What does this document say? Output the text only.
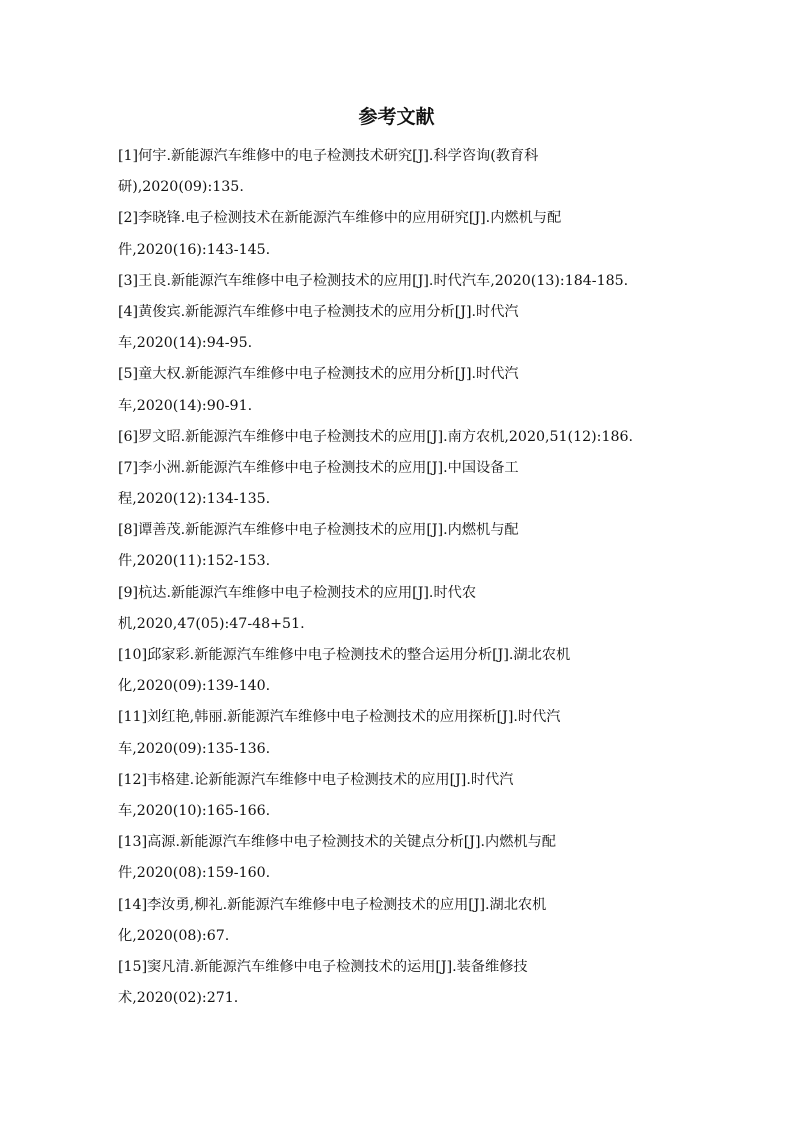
参考文献
[1]何宇.新能源汽车维修中的电子检测技术研究[J].科学咨询(教育科
研),2020(09):135.
[2]李晓锋.电子检测技术在新能源汽车维修中的应用研究[J].内燃机与配
件,2020(16):143-145.
[3]王良.新能源汽车维修中电子检测技术的应用[J].时代汽车,2020(13):184-185.
[4]黄俊宾.新能源汽车维修中电子检测技术的应用分析[J].时代汽
车,2020(14):94-95.
[5]童大权.新能源汽车维修中电子检测技术的应用分析[J].时代汽
车,2020(14):90-91.
[6]罗文昭.新能源汽车维修中电子检测技术的应用[J].南方农机,2020,51(12):186.
[7]李小洲.新能源汽车维修中电子检测技术的应用[J].中国设备工
程,2020(12):134-135.
[8]谭善茂.新能源汽车维修中电子检测技术的应用[J].内燃机与配
件,2020(11):152-153.
[9]杭达.新能源汽车维修中电子检测技术的应用[J].时代农
机,2020,47(05):47-48+51.
[10]邱家彩.新能源汽车维修中电子检测技术的整合运用分析[J].湖北农机
化,2020(09):139-140.
[11]刘红艳,韩丽.新能源汽车维修中电子检测技术的应用探析[J].时代汽
车,2020(09):135-136.
[12]韦格建.论新能源汽车维修中电子检测技术的应用[J].时代汽
车,2020(10):165-166.
[13]高源.新能源汽车维修中电子检测技术的关键点分析[J].内燃机与配
件,2020(08):159-160.
[14]李汝勇,柳礼.新能源汽车维修中电子检测技术的应用[J].湖北农机
化,2020(08):67.
[15]窦凡清.新能源汽车维修中电子检测技术的运用[J].装备维修技
术,2020(02):271.
